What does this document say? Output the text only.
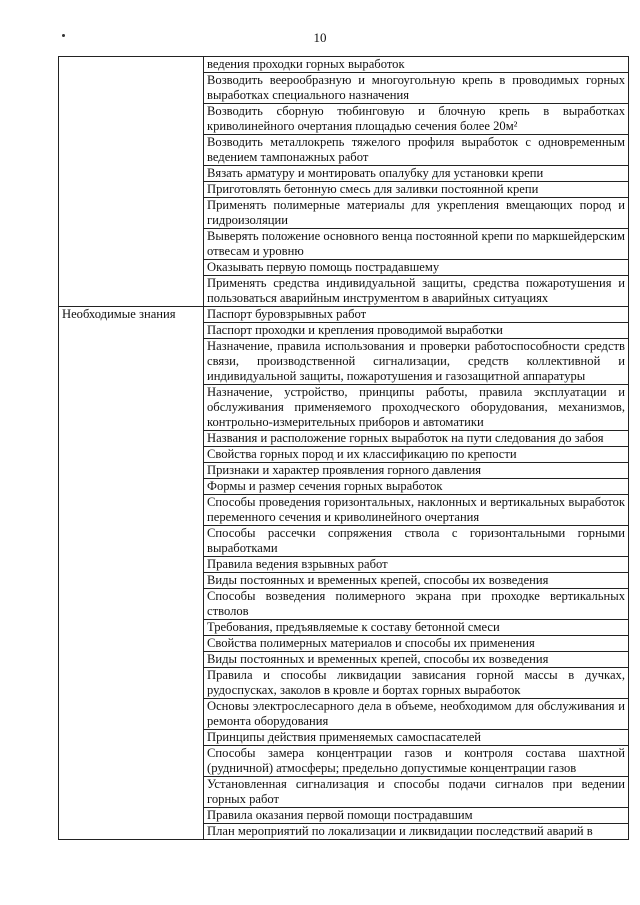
10
	ведения проходки горных выработок
	Возводить веерообразную и многоугольную крепь в проводимых горных выработках специального назначения
	Возводить сборную тюбинговую и блочную крепь в выработках криволинейного очертания площадью сечения более 20м²
	Возводить металлокрепь тяжелого профиля выработок с одновременным ведением тампонажных работ
	Вязать арматуру и монтировать опалубку для установки крепи
	Приготовлять бетонную смесь для заливки постоянной крепи
	Применять полимерные материалы для укрепления вмещающих пород и гидроизоляции
	Выверять положение основного венца постоянной крепи по маркшейдерским отвесам и уровню
	Оказывать первую помощь пострадавшему
	Применять средства индивидуальной защиты, средства пожаротушения и пользоваться аварийным инструментом в аварийных ситуациях
Необходимые знания	Паспорт буровзрывных работ
	Паспорт проходки и крепления проводимой выработки
	Назначение, правила использования и проверки работоспособности средств связи, производственной сигнализации, средств коллективной и индивидуальной защиты, пожаротушения и газозащитной аппаратуры
	Назначение, устройство, принципы работы, правила эксплуатации и обслуживания применяемого проходческого оборудования, механизмов, контрольно-измерительных приборов и автоматики
	Названия и расположение горных выработок на пути следования до забоя
	Свойства горных пород и их классификацию по крепости
	Признаки и характер проявления горного давления
	Формы и размер сечения горных выработок
	Способы проведения горизонтальных, наклонных и вертикальных выработок переменного сечения и криволинейного очертания
	Способы рассечки сопряжения ствола с горизонтальными горными выработками
	Правила ведения взрывных работ
	Виды постоянных и временных крепей, способы их возведения
	Способы возведения полимерного экрана при проходке вертикальных стволов
	Требования, предъявляемые к составу бетонной смеси
	Свойства полимерных материалов и способы их применения
	Виды постоянных и временных крепей, способы их возведения
	Правила и способы ликвидации зависания горной массы в дучках, рудоспусках, заколов в кровле и бортах горных выработок
	Основы электрослесарного дела в объеме, необходимом для обслуживания и ремонта оборудования
	Принципы действия применяемых самоспасателей
	Способы замера концентрации газов и контроля состава шахтной (рудничной) атмосферы; предельно допустимые концентрации газов
	Установленная сигнализация и способы подачи сигналов при ведении горных работ
	Правила оказания первой помощи пострадавшим
	План мероприятий по локализации и ликвидации последствий аварий в
